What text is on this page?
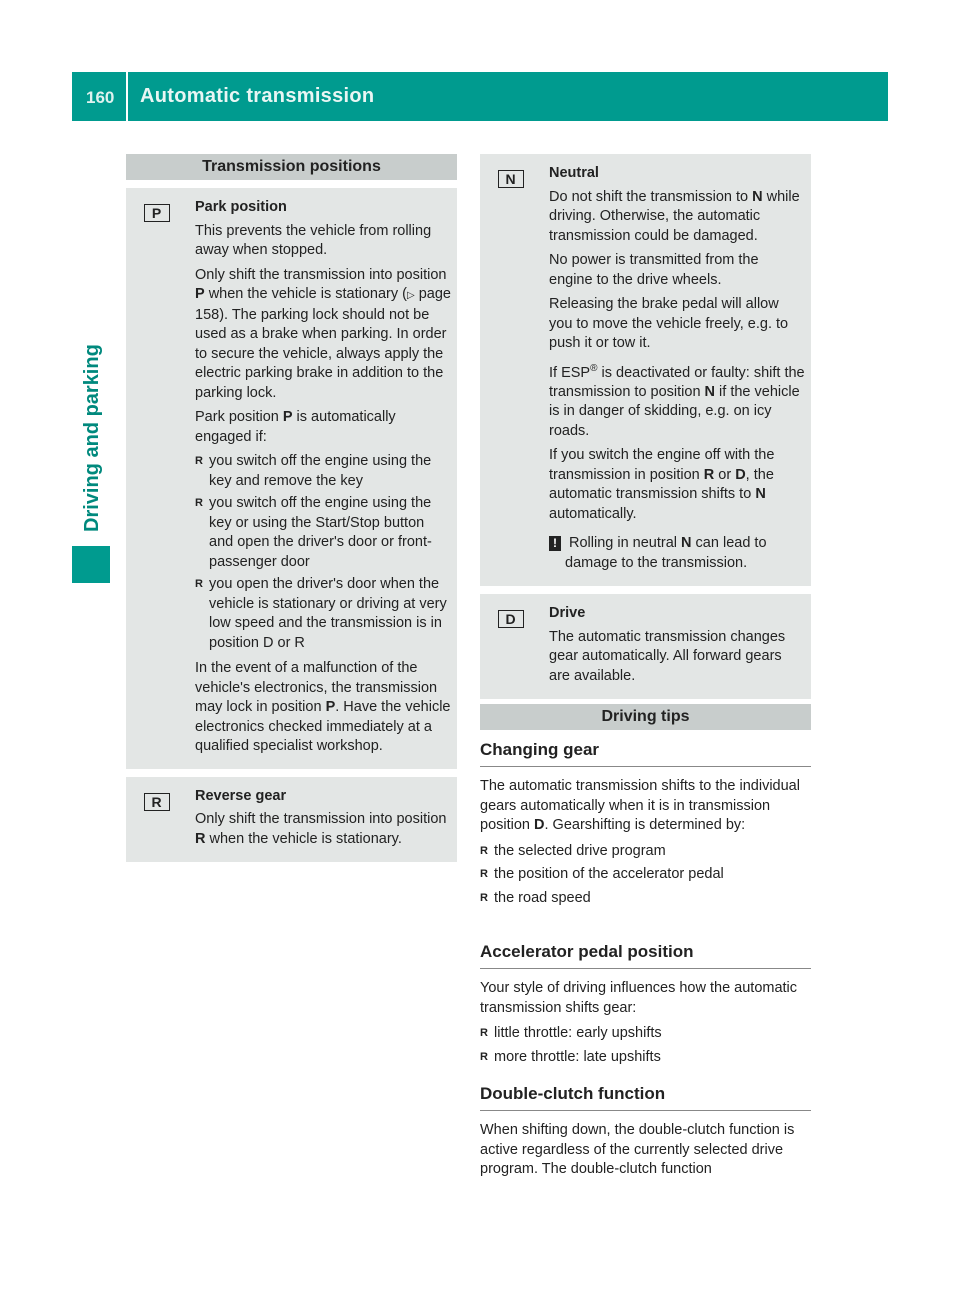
160 Automatic transmission
Driving and parking
Transmission positions
P	Park position

This prevents the vehicle from rolling away when stopped.

Only shift the transmission into position P when the vehicle is stationary (▷ page 158). The parking lock should not be used as a brake when parking. In order to secure the vehicle, always apply the electric parking brake in addition to the parking lock.

Park position P is automatically engaged if:

R you switch off the engine using the key and remove the key
R you switch off the engine using the key or using the Start/Stop button and open the driver's door or front-passenger door
R you open the driver's door when the vehicle is stationary or driving at very low speed and the transmission is in position D or R

In the event of a malfunction of the vehicle's electronics, the transmission may lock in position P. Have the vehicle electronics checked immediately at a qualified specialist workshop.

R	Reverse gear

Only shift the transmission into position R when the vehicle is stationary.

N	Neutral

Do not shift the transmission to N while driving. Otherwise, the automatic transmission could be damaged.

No power is transmitted from the engine to the drive wheels.

Releasing the brake pedal will allow you to move the vehicle freely, e.g. to push it or tow it.

If ESP® is deactivated or faulty: shift the transmission to position N if the vehicle is in danger of skidding, e.g. on icy roads.

If you switch the engine off with the transmission in position R or D, the automatic transmission shifts to N automatically.

! Rolling in neutral N can lead to damage to the transmission.

D	Drive

The automatic transmission changes gear automatically. All forward gears are available.

Driving tips
Changing gear

The automatic transmission shifts to the individual gears automatically when it is in transmission position D. Gearshifting is determined by:

R the selected drive program
R the position of the accelerator pedal
R the road speed
Accelerator pedal position

Your style of driving influences how the automatic transmission shifts gear:

R little throttle: early upshifts
R more throttle: late upshifts
Double-clutch function

When shifting down, the double-clutch function is active regardless of the currently selected drive program. The double-clutch function
